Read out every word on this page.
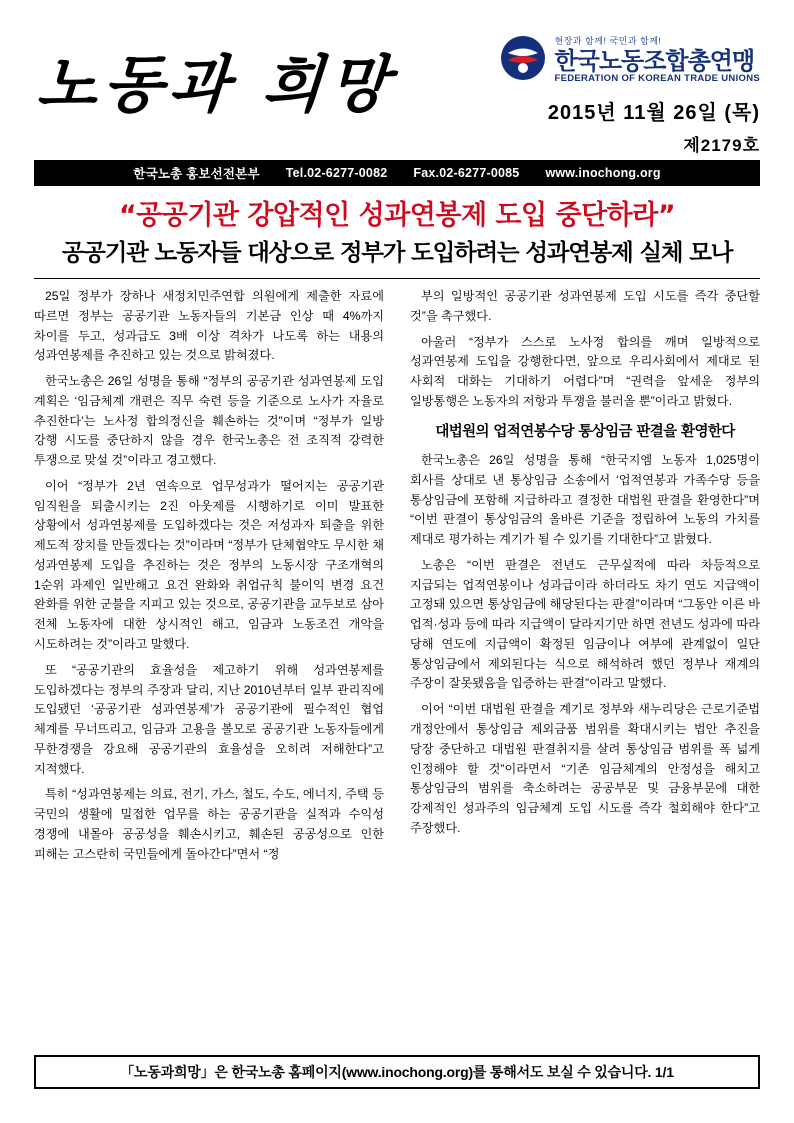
노동과 희망
현장과 함께! 국민과 함께!
한국노동조합총연맹
FEDERATION OF KOREAN TRADE UNIONS
2015년 11월 26일 (목)
제2179호
한국노총 홍보선전본부 Tel.02-6277-0082 Fax.02-6277-0085 www.inochong.org
“공공기관 강압적인 성과연봉제 도입 중단하라”
공공기관 노동자들 대상으로 정부가 도입하려는 성과연봉제 실체 모나

25일 정부가 장하나 새정치민주연합 의원에게 제출한 자료에 따르면 정부는 공공기관 노동자들의 기본금 인상 때 4%까지 차이를 두고, 성과급도 3배 이상 격차가 나도록 하는 내용의 성과연봉제를 추진하고 있는 것으로 밝혀졌다.

한국노총은 26일 성명을 통해 “정부의 공공기관 성과연봉제 도입 계획은 ‘임금체계 개편은 직무 숙련 등을 기준으로 노사가 자율로 추진한다’는 노사정 합의정신을 훼손하는 것”이며 “정부가 일방 강행 시도를 중단하지 않을 경우 한국노총은 전 조직적 강력한 투쟁으로 맞설 것”이라고 경고했다.

이어 “정부가 2년 연속으로 업무성과가 떨어지는 공공기관 임직원을 퇴출시키는 2진 아웃제를 시행하기로 이미 발표한 상황에서 성과연봉제를 도입하겠다는 것은 저성과자 퇴출을 위한 제도적 장치를 만들겠다는 것”이라며 “정부가 단체협약도 무시한 채 성과연봉제 도입을 추진하는 것은 정부의 노동시장 구조개혁의 1순위 과제인 일반해고 요건 완화와 취업규칙 불이익 변경 요건 완화를 위한 군불을 지피고 있는 것으로, 공공기관을 교두보로 삼아 전체 노동자에 대한 상시적인 해고, 임금과 노동조건 개악을 시도하려는 것”이라고 말했다.

또 “공공기관의 효율성을 제고하기 위해 성과연봉제를 도입하겠다는 정부의 주장과 달리, 지난 2010년부터 일부 관리직에 도입됐던 ‘공공기관 성과연봉제’가 공공기관에 필수적인 협업 체계를 무너뜨리고, 임금과 고용을 볼모로 공공기관 노동자들에게 무한경쟁을 강요해 공공기관의 효율성을 오히려 저해한다”고 지적했다.

특히 “성과연봉제는 의료, 전기, 가스, 철도, 수도, 에너지, 주택 등 국민의 생활에 밀접한 업무를 하는 공공기관을 실적과 수익성 경쟁에 내몰아 공공성을 훼손시키고, 훼손된 공공성으로 인한 피해는 고스란히 국민들에게 돌아간다”면서 “정

부의 일방적인 공공기관 성과연봉제 도입 시도를 즉각 중단할 것”을 촉구했다.

아울러 “정부가 스스로 노사정 합의를 깨며 일방적으로 성과연봉제 도입을 강행한다면, 앞으로 우리사회에서 제대로 된 사회적 대화는 기대하기 어렵다”며 “권력을 앞세운 정부의 일방통행은 노동자의 저항과 투쟁을 불러올 뿐”이라고 밝혔다.

대법원의 업적연봉수당 통상임금 판결을 환영한다

한국노총은 26일 성명을 통해 “한국지엠 노동자 1,025명이 회사를 상대로 낸 통상임금 소송에서 ‘업적연봉과 가족수당 등을 통상임금에 포함해 지급하라고 결정한 대법원 판결을 환영한다”며 “이번 판결이 통상임금의 올바른 기준을 정립하여 노동의 가치를 제대로 평가하는 계기가 될 수 있기를 기대한다”고 밝혔다.

노총은 “이번 판결은 전년도 근무실적에 따라 차등적으로 지급되는 업적연봉이나 성과급이라 하더라도 차기 연도 지급액이 고정돼 있으면 통상임금에 해당된다는 판결”이라며 “그동안 이른 바 업적·성과 등에 따라 지급액이 달라지기만 하면 전년도 성과에 따라 당해 연도에 지급액이 확정된 임금이나 여부에 관계없이 일단 통상임금에서 제외된다는 식으로 해석하려 했던 정부나 재계의 주장이 잘못됐음을 입증하는 판결”이라고 말했다.

이어 “이번 대법원 판결을 계기로 정부와 새누리당은 근로기준법 개정안에서 통상임금 제외금품 범위를 확대시키는 법안 추진을 당장 중단하고 대법원 판결취지를 살려 통상임금 범위를 폭 넓게 인정해야 할 것”이라면서 “기존 임금체계의 안정성을 해치고 통상임금의 범위를 축소하려는 공공부문 및 금융부문에 대한 강제적인 성과주의 임금체계 도입 시도를 즉각 철회해야 한다”고 주장했다.

「노동과희망」은 한국노총 홈페이지(www.inochong.org)를 통해서도 보실 수 있습니다. 1/1
